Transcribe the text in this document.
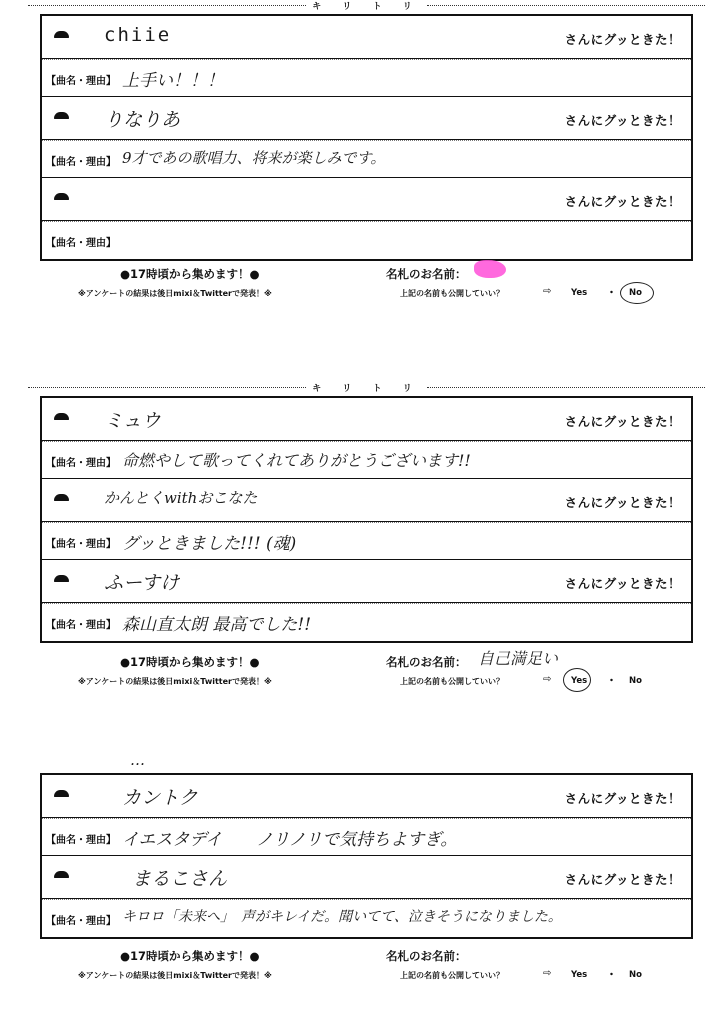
キ リ ト リ
chiie	さんにグッときた！
【曲名・理由】 上手い！！！
りなりあ	さんにグッときた！
【曲名・理由】 9才であの歌唱力、将来が楽しみです。
さんにグッときた！
【曲名・理由】
●17時頃から集めます！●
※アンケートの結果は後日mixi＆Twitterで発表！※
名札のお名前：
上記の名前も公開していい？	⇨ Yes ・ No
キ リ ト リ
ミュウ	さんにグッときた！
【曲名・理由】 命燃やして歌ってくれてありがとうございます!!
かんとくwithおこなた	さんにグッときた！
【曲名・理由】 グッときました!!! (魂)
ふーすけ	さんにグッときた！
【曲名・理由】 森山直太朗 最高でした!!
●17時頃から集めます！●
※アンケートの結果は後日mixi＆Twitterで発表！※
名札のお名前： 自己満足い
上記の名前も公開していい？	⇨ Yes ・ No
…
カントク	さんにグッときた！
【曲名・理由】 イエスタデイ　　ノリノリで気持ちよすぎ。
まるこさん	さんにグッときた！
【曲名・理由】 キロロ「未来へ」　声がキレイだ。聞いてて、泣きそうになりました。
●17時頃から集めます！●
※アンケートの結果は後日mixi＆Twitterで発表！※
名札のお名前：
上記の名前も公開していい？	⇨ Yes ・ No
